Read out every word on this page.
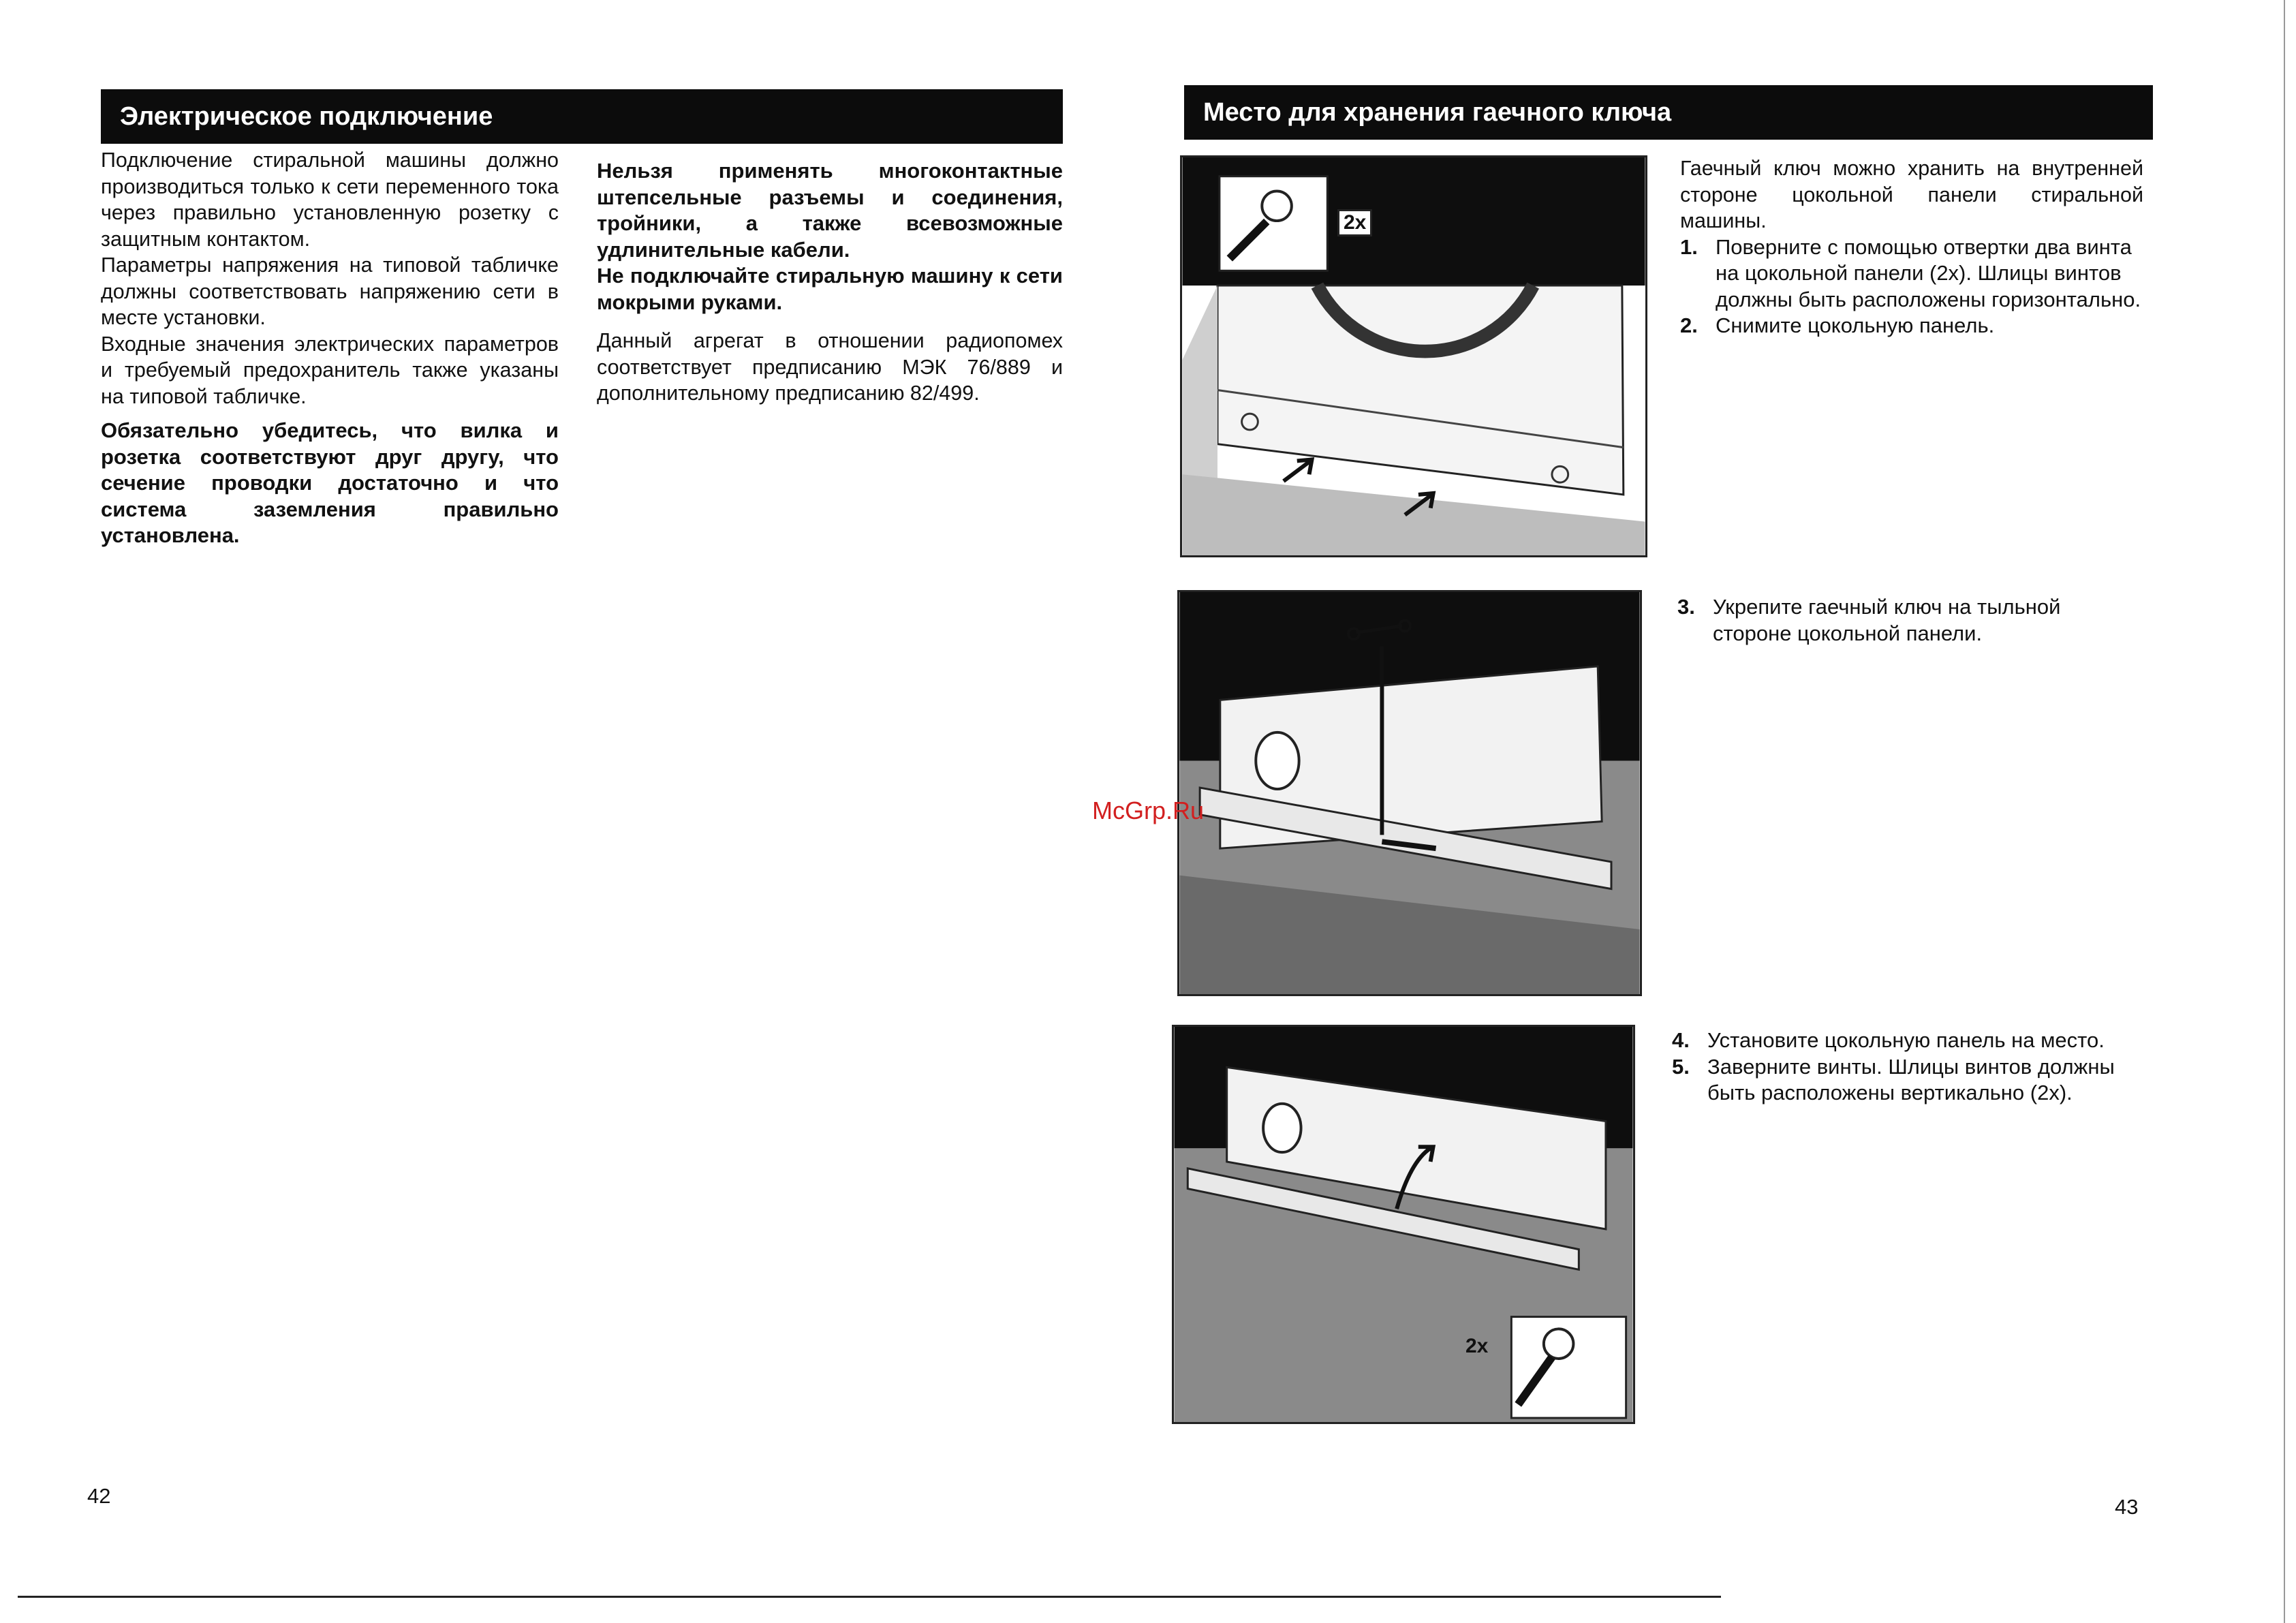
Электрическое подключение

Подключение стиральной машины должно производиться только к сети переменного тока через правильно установленную розетку с защитным контактом.

Параметры напряжения на типовой табличке должны соответствовать напряжению сети в месте установки.

Входные значения электрических параметров и требуемый предохранитель также указаны на типовой табличке.

Обязательно убедитесь, что вилка и розетка соответствуют друг другу, что сечение проводки достаточно и что система заземления правильно установлена.

Нельзя применять многоконтактные штепсельные разъемы и соединения, тройники, а также всевозможные удлинительные кабели.

Не подключайте стиральную машину к сети мокрыми руками.

Данный агрегат в отношении радиопомех соответствует предписанию МЭК 76/889 и дополнительному предписанию 82/499.

42
Место для хранения гаечного ключа
2x
McGrp.Ru
2x

Гаечный ключ можно хранить на внутренней стороне цокольной панели стиральной машины.

1. Поверните с помощью отвертки два винта на цокольной панели (2x). Шлицы винтов должны быть расположены горизонтально.
2. Снимите цокольную панель.
3. Укрепите гаечный ключ на тыльной стороне цокольной панели.
4. Установите цокольную панель на место.
5. Заверните винты. Шлицы винтов должны быть расположены вертикально (2x).
43
